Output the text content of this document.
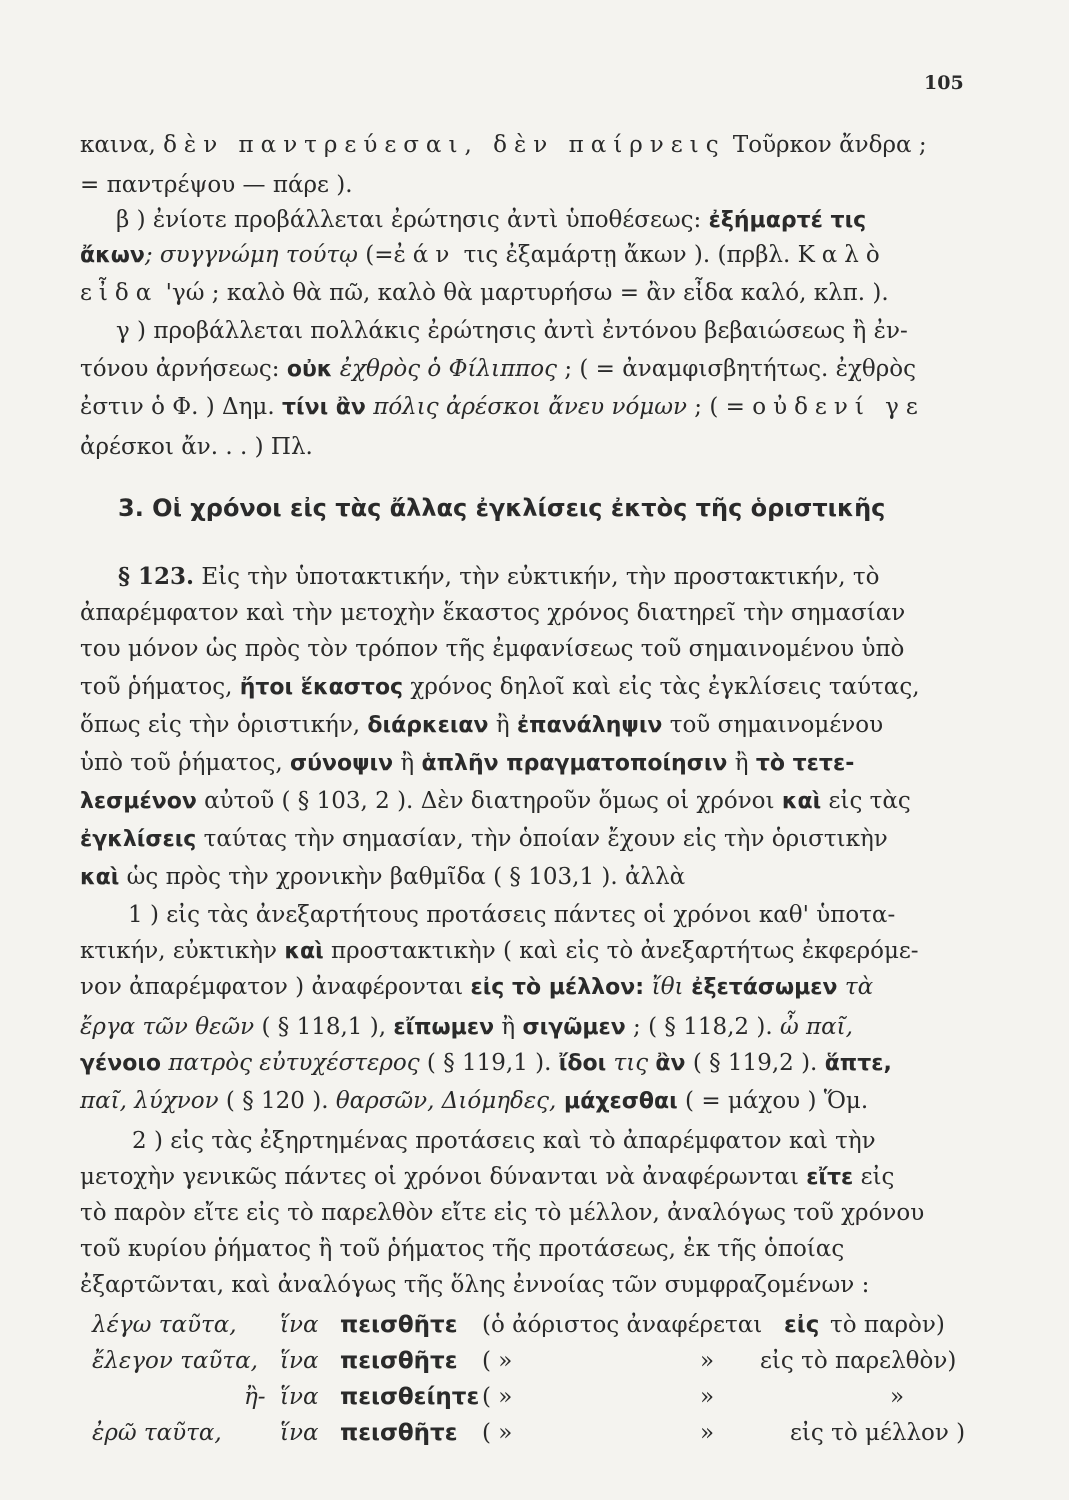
105
καινα, δὲν παντρεύεσαι, δὲν παίρνεις Τοῦρκον ἄνδρα ;
= παντρέψου — πάρε ).
β ) ἐνίοτε προβάλλεται ἐρώτησις ἀντὶ ὑποθέσεως: ἐξήμαρτέ τις
ἄκων; συγγνώμη τούτῳ (=ἐάν τις ἐξαμάρτῃ ἄκων ). (πρβλ. Καλὸ
εἶδα 'γώ ; καλὸ θὰ πῶ, καλὸ θὰ μαρτυρήσω = ἂν εἶδα καλό, κλπ. ).
γ ) προβάλλεται πολλάκις ἐρώτησις ἀντὶ ἐντόνου βεβαιώσεως ἢ ἐν-
τόνου ἀρνήσεως: οὐκ ἐχθρὸς ὁ Φίλιππος ; ( = ἀναμφισβητήτως. ἐχθρὸς
ἐστιν ὁ Φ. ) Δημ. τίνι ἂν πόλις ἀρέσκοι ἄνευ νόμων ; ( = οὐδενί γε
ἀρέσκοι ἄν. . . ) Πλ.
3. Οἱ χρόνοι εἰς τὰς ἄλλας ἐγκλίσεις ἐκτὸς τῆς ὁριστικῆς
§ 123. Εἰς τὴν ὑποτακτικήν, τὴν εὐκτικήν, τὴν προστακτικήν, τὸ
ἀπαρέμφατον καὶ τὴν μετοχὴν ἕκαστος χρόνος διατηρεῖ τὴν σημασίαν
του μόνον ὡς πρὸς τὸν τρόπον τῆς ἐμφανίσεως τοῦ σημαινομένου ὑπὸ
τοῦ ῥήματος, ἤτοι ἕκαστος χρόνος δηλοῖ καὶ εἰς τὰς ἐγκλίσεις ταύτας,
ὅπως εἰς τὴν ὁριστικήν, διάρκειαν ἢ ἐπανάληψιν τοῦ σημαινομένου
ὑπὸ τοῦ ῥήματος, σύνοψιν ἢ ἁπλῆν πραγματοποίησιν ἢ τὸ τετε-
λεσμένον αὐτοῦ ( § 103, 2 ). Δὲν διατηροῦν ὅμως οἱ χρόνοι καὶ εἰς τὰς
ἐγκλίσεις ταύτας τὴν σημασίαν, τὴν ὁποίαν ἔχουν εἰς τὴν ὁριστικὴν
καὶ ὡς πρὸς τὴν χρονικὴν βαθμῖδα ( § 103,1 ). ἀλλὰ
1 ) εἰς τὰς ἀνεξαρτήτους προτάσεις πάντες οἱ χρόνοι καθ' ὑποτα-
κτικήν, εὐκτικὴν καὶ προστακτικὴν ( καὶ εἰς τὸ ἀνεξαρτήτως ἐκφερόμε-
νον ἀπαρέμφατον ) ἀναφέρονται εἰς τὸ μέλλον: ἴθι ἐξετάσωμεν τὰ
ἔργα τῶν θεῶν ( § 118,1 ), εἴπωμεν ἢ σιγῶμεν ; ( § 118,2 ). ὦ παῖ,
γένοιο πατρὸς εὐτυχέστερος ( § 119,1 ). ἴδοι τις ἂν ( § 119,2 ). ἅπτε,
παῖ, λύχνον ( § 120 ). θαρσῶν, Διόμηδες, μάχεσθαι ( = μάχου ) Ὅμ.
2 ) εἰς τὰς ἐξηρτημένας προτάσεις καὶ τὸ ἀπαρέμφατον καὶ τὴν
μετοχὴν γενικῶς πάντες οἱ χρόνοι δύνανται νὰ ἀναφέρωνται εἴτε εἰς
τὸ παρὸν εἴτε εἰς τὸ παρελθὸν εἴτε εἰς τὸ μέλλον, ἀναλόγως τοῦ χρόνου
τοῦ κυρίου ῥήματος ἢ τοῦ ῥήματος τῆς προτάσεως, ἐκ τῆς ὁποίας
ἐξαρτῶνται, καὶ ἀναλόγως τῆς ὅλης ἐννοίας τῶν συμφραζομένων :
λέγω ταῦτα, ἵνα πεισθῆτε (ὁ ἀόριστος ἀναφέρεται εἰς τὸ παρὸν)
ἔλεγον ταῦτα, ἵνα πεισθῆτε ( »	» εἰς τὸ παρελθὸν)
ἢ- ἵνα πεισθείητε ( »	»	»
ἐρῶ ταῦτα,	ἵνα πεισθῆτε ( »	»	εἰς τὸ μέλλον )
